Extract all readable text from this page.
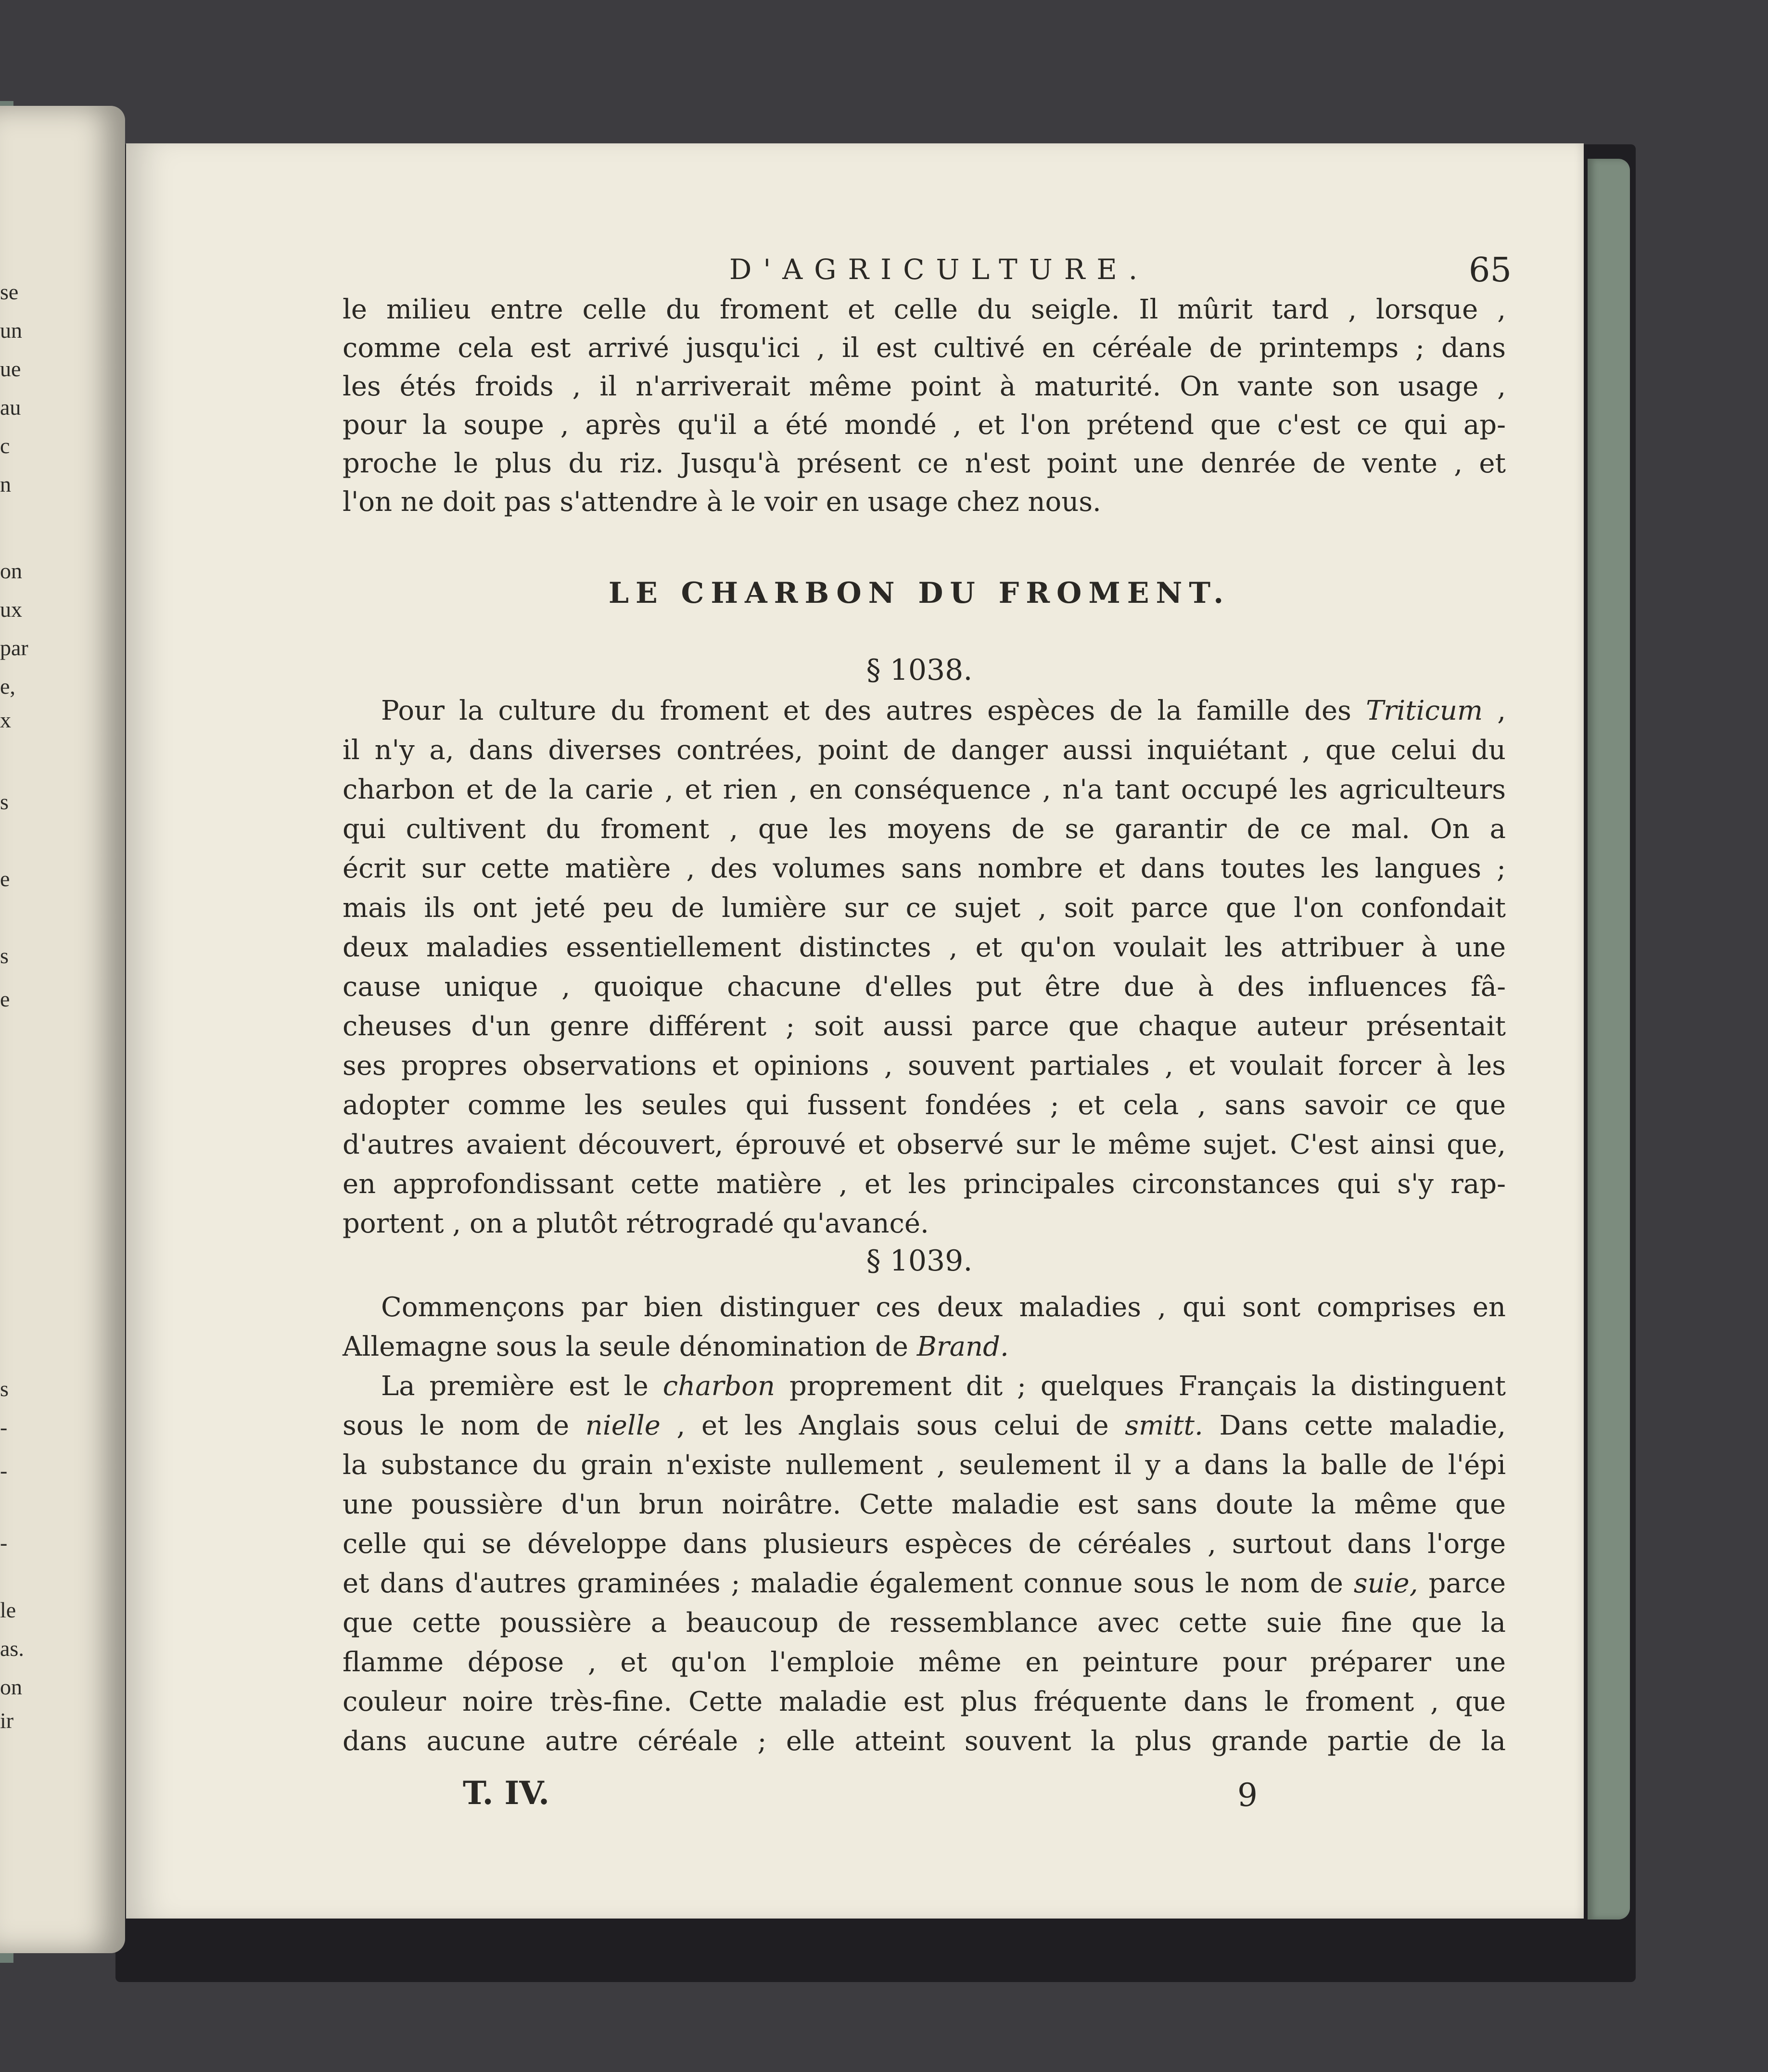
se
un
ue
au
c
n
on
ux
par
e,
x
s
e
s
e
s
-
-
-
le
as.
on
ir
D'AGRICULTURE.	65
le milieu entre celle du froment et celle du seigle. Il mûrit tard , lorsque ,
comme cela est arrivé jusqu'ici , il est cultivé en céréale de printemps ; dans
les étés froids , il n'arriverait même point à maturité. On vante son usage ,
pour la soupe , après qu'il a été mondé , et l'on prétend que c'est ce qui ap-
proche le plus du riz. Jusqu'à présent ce n'est point une denrée de vente , et
l'on ne doit pas s'attendre à le voir en usage chez nous.
LE CHARBON DU FROMENT.
§ 1038.
Pour la culture du froment et des autres espèces de la famille des Triticum ,
il n'y a, dans diverses contrées, point de danger aussi inquiétant , que celui du
charbon et de la carie , et rien , en conséquence , n'a tant occupé les agriculteurs
qui cultivent du froment , que les moyens de se garantir de ce mal. On a
écrit sur cette matière , des volumes sans nombre et dans toutes les langues ;
mais ils ont jeté peu de lumière sur ce sujet , soit parce que l'on confondait
deux maladies essentiellement distinctes , et qu'on voulait les attribuer à une
cause unique , quoique chacune d'elles put être due à des influences fâ-
cheuses d'un genre différent ; soit aussi parce que chaque auteur présentait
ses propres observations et opinions , souvent partiales , et voulait forcer à les
adopter comme les seules qui fussent fondées ; et cela , sans savoir ce que
d'autres avaient découvert, éprouvé et observé sur le même sujet. C'est ainsi que,
en approfondissant cette matière , et les principales circonstances qui s'y rap-
portent , on a plutôt rétrogradé qu'avancé.
§ 1039.
Commençons par bien distinguer ces deux maladies , qui sont comprises en
Allemagne sous la seule dénomination de Brand.
La première est le charbon proprement dit ; quelques Français la distinguent
sous le nom de nielle , et les Anglais sous celui de smitt. Dans cette maladie,
la substance du grain n'existe nullement , seulement il y a dans la balle de l'épi
une poussière d'un brun noirâtre. Cette maladie est sans doute la même que
celle qui se développe dans plusieurs espèces de céréales , surtout dans l'orge
et dans d'autres graminées ; maladie également connue sous le nom de suie, parce
que cette poussière a beaucoup de ressemblance avec cette suie fine que la
flamme dépose , et qu'on l'emploie même en peinture pour préparer une
couleur noire très-fine. Cette maladie est plus fréquente dans le froment , que
dans aucune autre céréale ; elle atteint souvent la plus grande partie de la
T. IV.	9
